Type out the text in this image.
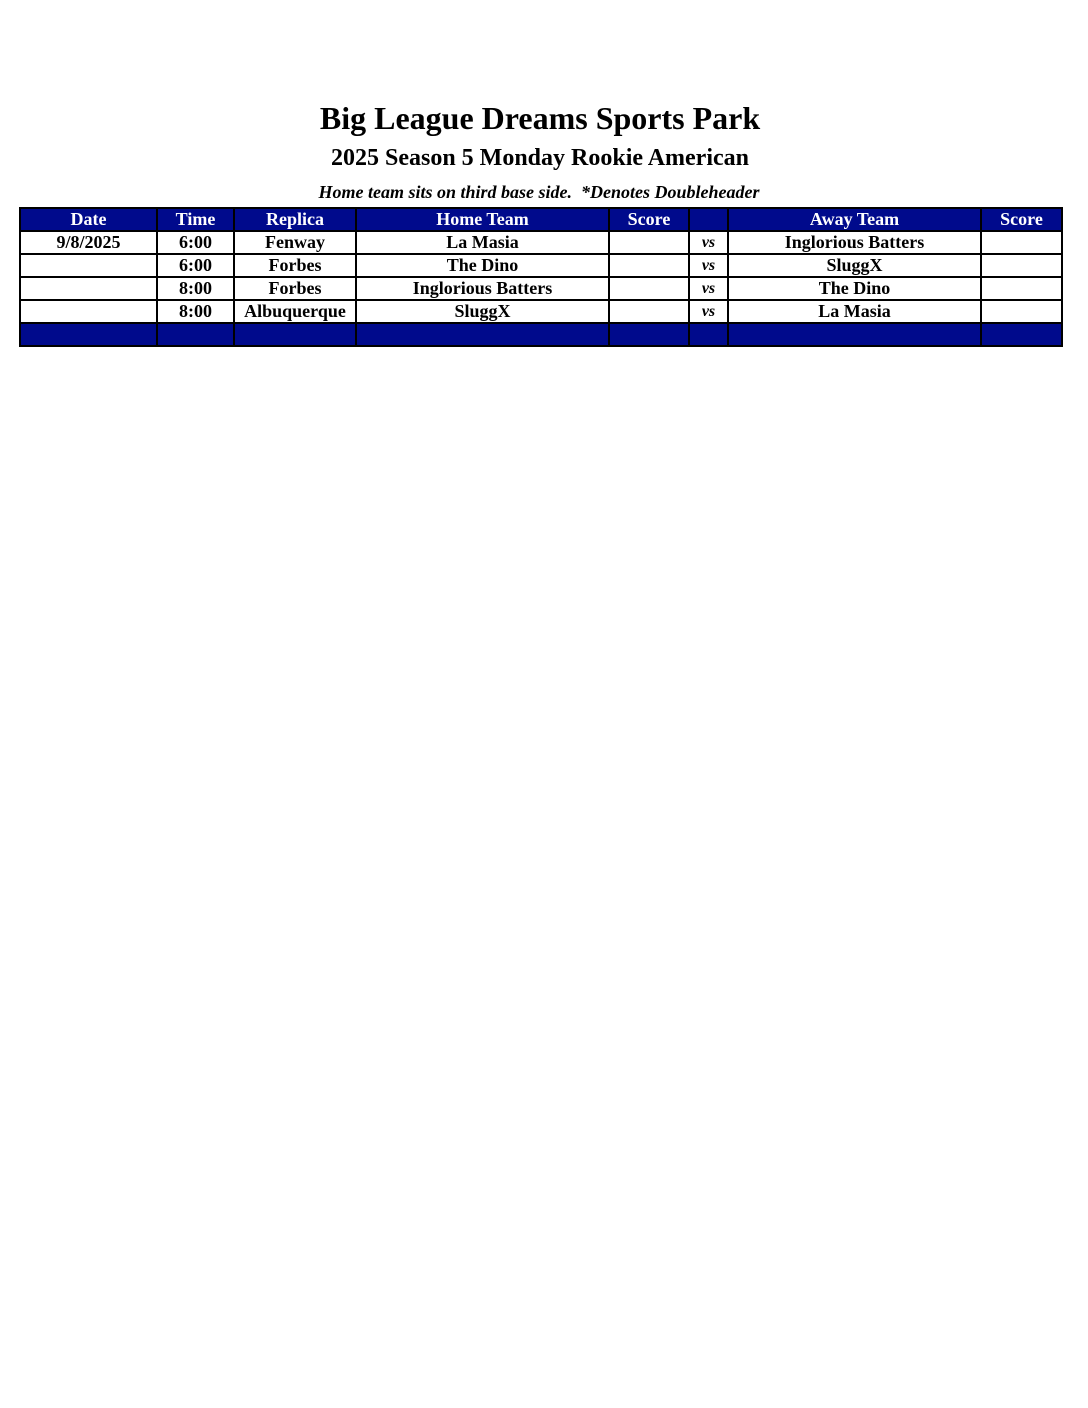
Big League Dreams Sports Park
2025 Season 5 Monday Rookie American
Home team sits on third base side.  *Denotes Doubleheader
Date	Time	Replica	Home Team	Score		Away Team	Score
9/8/2025	6:00	Fenway	La Masia		vs	Inglorious Batters	
	6:00	Forbes	The Dino		vs	SluggX	
	8:00	Forbes	Inglorious Batters		vs	The Dino	
	8:00	Albuquerque	SluggX		vs	La Masia	
